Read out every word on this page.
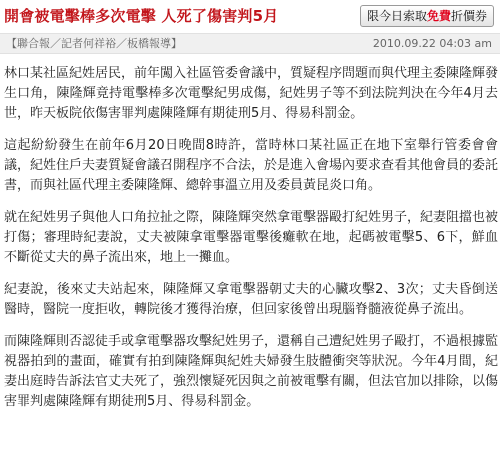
開會被電擊棒多次電擊 人死了傷害判5月	限今日索取免費折價券
【聯合報／記者何祥裕／板橋報導】	2010.09.22 04:03 am

林口某社區紀姓居民，前年闖入社區管委會議中，質疑程序問題而與代理主委陳隆輝發生口角，陳隆輝竟持電擊棒多次電擊紀男成傷，紀姓男子等不到法院判決在今年4月去世，昨天板院依傷害罪判處陳隆輝有期徒刑5月、得易科罰金。

這起紛紛發生在前年6月20日晚間8時許，當時林口某社區正在地下室舉行管委會會議，紀姓住戶夫妻質疑會議召開程序不合法，於是進入會場內要求查看其他會員的委託書，而與社區代理主委陳隆輝、總幹事溫立用及委員黃昆炎口角。

就在紀姓男子與他人口角拉扯之際，陳隆輝突然拿電擊器毆打紀姓男子，紀妻阻擋也被打傷；審理時紀妻說，丈夫被陳拿電擊器電擊後癱軟在地，起碼被電擊5、6下，鮮血不斷從丈夫的鼻子流出來，地上一攤血。

紀妻說，後來丈夫站起來，陳隆輝又拿電擊器朝丈夫的心臟攻擊2、3次；丈夫昏倒送醫時，醫院一度拒收，轉院後才獲得治療，但回家後曾出現腦脊髓液從鼻子流出。

而陳隆輝則否認徒手或拿電擊器攻擊紀姓男子，還稱自己遭紀姓男子毆打，不過根據監視器拍到的畫面，確實有拍到陳隆輝與紀姓夫婦發生肢體衝突等狀況。今年4月間，紀妻出庭時告訴法官丈夫死了，強烈懷疑死因與之前被電擊有關，但法官加以排除，以傷害罪判處陳隆輝有期徒刑5月、得易科罰金。
